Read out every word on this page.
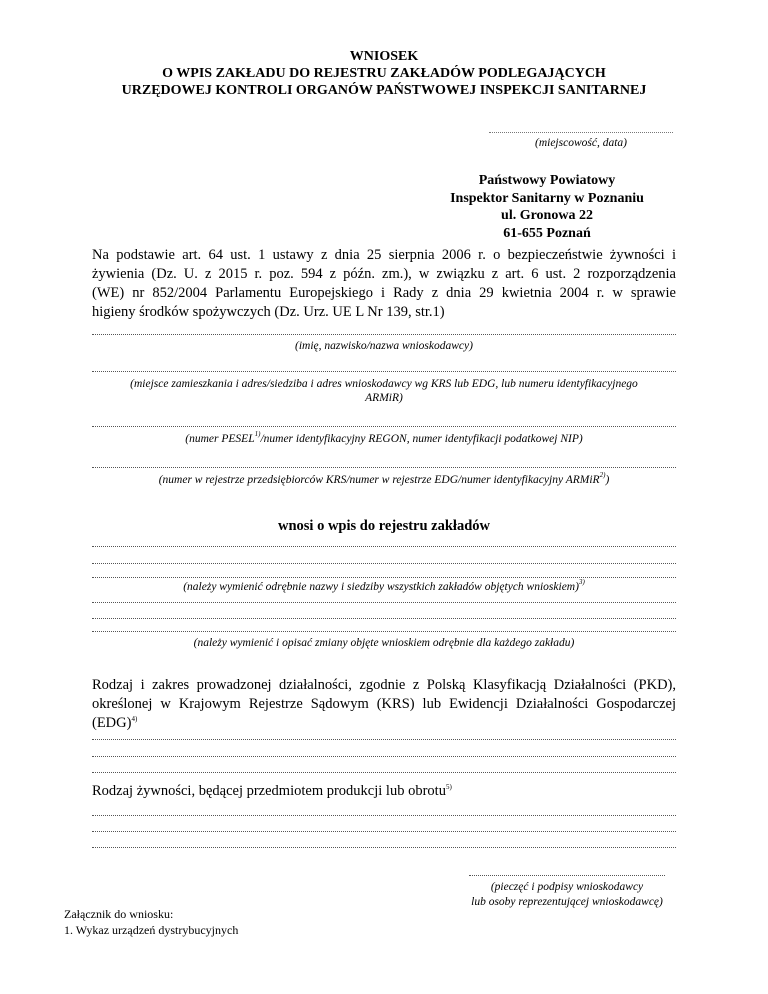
WNIOSEK
O WPIS ZAKŁADU DO REJESTRU ZAKŁADÓW PODLEGAJĄCYCH
URZĘDOWEJ KONTROLI ORGANÓW PAŃSTWOWEJ INSPEKCJI SANITARNEJ
(miejscowość, data)
Państwowy Powiatowy
Inspektor Sanitarny w Poznaniu
ul. Gronowa 22
61-655 Poznań
Na podstawie art. 64 ust. 1 ustawy z dnia 25 sierpnia 2006 r. o bezpieczeństwie żywności i
żywienia (Dz. U. z 2015 r. poz. 594 z późn. zm.), w związku z art. 6 ust. 2 rozporządzenia
(WE) nr 852/2004 Parlamentu Europejskiego i Rady z dnia 29 kwietnia 2004 r. w sprawie
higieny środków spożywczych (Dz. Urz. UE L Nr 139, str.1)
(imię, nazwisko/nazwa wnioskodawcy)
(miejsce zamieszkania i adres/siedziba i adres wnioskodawcy wg KRS lub EDG, lub numeru identyfikacyjnego
ARMiR)
(numer PESEL$^{1)}$/numer identyfikacyjny REGON, numer identyfikacji podatkowej NIP)
(numer w rejestrze przedsiębiorców KRS/numer w rejestrze EDG/numer identyfikacyjny ARMiR$^{2)}$)
wnosi o wpis do rejestru zakładów
(należy wymienić odrębnie nazwy i siedziby wszystkich zakładów objętych wnioskiem)$^{3)}$
(należy wymienić i opisać zmiany objęte wnioskiem odrębnie dla każdego zakładu)
Rodzaj i zakres prowadzonej działalności, zgodnie z Polską Klasyfikacją Działalności (PKD),
określonej w Krajowym Rejestrze Sądowym (KRS) lub Ewidencji Działalności Gospodarczej
(EDG)$^{4)}$
Rodzaj żywności, będącej przedmiotem produkcji lub obrotu$^{5)}$
(pieczęć i podpisy wnioskodawcy
lub osoby reprezentującej wnioskodawcę)
Załącznik do wniosku:
1. Wykaz urządzeń dystrybucyjnych
